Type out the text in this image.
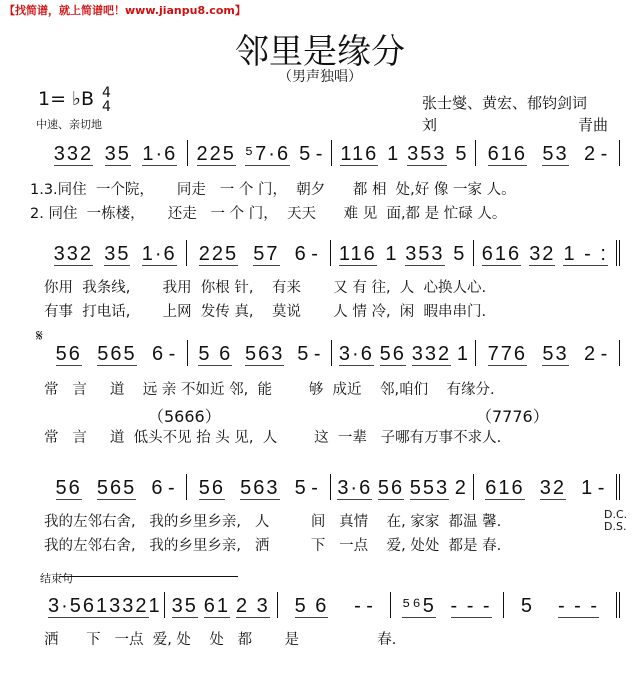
【找简谱，就上简谱吧！www.jianpu8.com】
邻里是缘分
（男声独唱）
1= ♭B 4
4
中速、亲切地
张士燮、黄宏、郁钧剑词
刘	青曲
𝄋
D.C.
D.S.
结束句
332 35 1·6 225 ⁵7·6 5 - 116 1 353 5 616 53 2 -
1.3.同住  一个院，     同走   一 个 门，  朝夕      都 相  处,好 像 一家 人。
2. 同住  一栋楼，     还走   一 个 门，  天天      难 见  面,都 是 忙碌 人。
332 35 1·6 225 57 6 - 116 1 353 5 616 32 1 - :
你用  我条线,       我用  你根 针,    有来       又 有 往,  人  心换人心.
有事  打电话,       上网  发传 真,    莫说       人 情 冷,  闲  暇串串门.
56 565 6 - 5 6 563 5 - 3·6 56 332 1 776 53 2 -
常   言     道    远 亲 不如近 邻,  能        够  成近    邻,咱们    有缘分.
常   言     道  低头不见 抬 头 见,  人        这  一辈   子哪有万事不求人.
（5666）	（7776）
56 565 6 - 56 563 5 - 3·6 56 553 2 616 32 1 -
我的左邻右舍,   我的乡里乡亲,   人         间   真情    在, 家家  都温 馨.
我的左邻右舍,   我的乡里乡亲,   洒         下   一点    爱, 处处  都是 春.
3·5 61 332 1 35 61 2 3 5 6 - - ⁵⁶5 - - - 5 - - -
洒      下   一点  爱, 处    处   都       是                 春.
